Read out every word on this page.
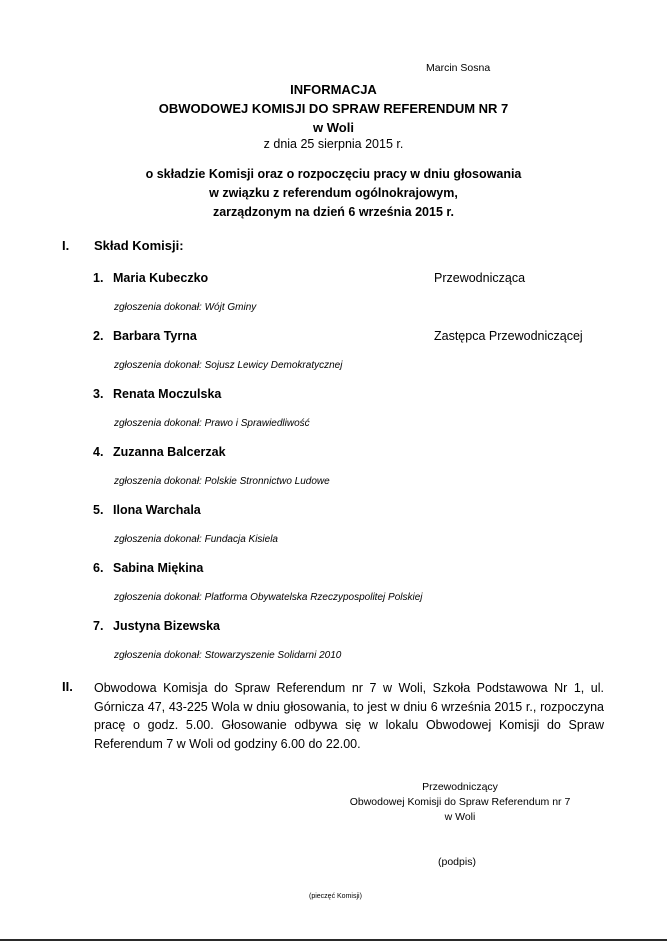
Marcin Sosna
INFORMACJA
OBWODOWEJ KOMISJI DO SPRAW REFERENDUM NR 7
w Woli
z dnia 25 sierpnia 2015 r.
o składzie Komisji oraz o rozpoczęciu pracy w dniu głosowania
w związku z referendum ogólnokrajowym,
zarządzonym na dzień 6 września 2015 r.
I. Skład Komisji:
1. Maria Kubeczko	Przewodnicząca
zgłoszenia dokonał: Wójt Gminy
2. Barbara Tyrna	Zastępca Przewodniczącej
zgłoszenia dokonał: Sojusz Lewicy Demokratycznej
3. Renata Moczulska
zgłoszenia dokonał: Prawo i Sprawiedliwość
4. Zuzanna Balcerzak
zgłoszenia dokonał: Polskie Stronnictwo Ludowe
5. Ilona Warchala
zgłoszenia dokonał: Fundacja Kisiela
6. Sabina Miękina
zgłoszenia dokonał: Platforma Obywatelska Rzeczypospolitej Polskiej
7. Justyna Bizewska
zgłoszenia dokonał: Stowarzyszenie Solidarni 2010
II. Obwodowa Komisja do Spraw Referendum nr 7 w Woli, Szkoła Podstawowa Nr 1, ul. Górnicza 47, 43-225 Wola w dniu głosowania, to jest w dniu 6 września 2015 r., rozpoczyna pracę o godz. 5.00. Głosowanie odbywa się w lokalu Obwodowej Komisji do Spraw Referendum 7 w Woli od godziny 6.00 do 22.00.
Przewodniczący
Obwodowej Komisji do Spraw Referendum nr 7
w Woli
(podpis)
(pieczęć Komisji)
